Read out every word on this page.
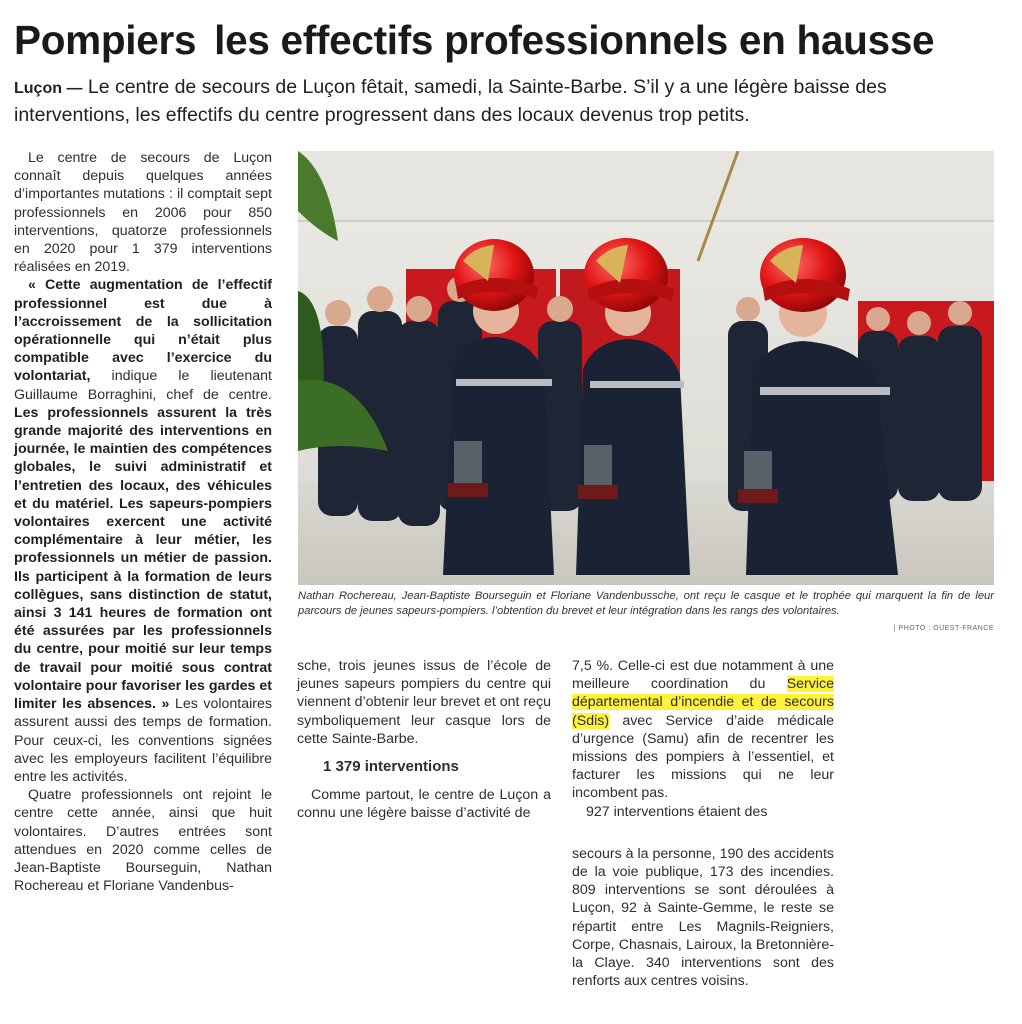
Pompiers les effectifs professionnels en hausse

Luçon — Le centre de secours de Luçon fêtait, samedi, la Sainte-Barbe. S’il y a une légère baisse des interventions, les effectifs du centre progressent dans des locaux devenus trop petits.

Le centre de secours de Luçon connaît depuis quelques années d’importantes mutations : il comptait sept professionnels en 2006 pour 850 interventions, quatorze professionnels en 2020 pour 1 379 interventions réalisées en 2019.

« Cette augmentation de l’effectif professionnel est due à l’accroissement de la sollicitation opérationnelle qui n’était plus compatible avec l’exercice du volontariat, indique le lieutenant Guillaume Borraghini, chef de centre. Les professionnels assurent la très grande majorité des interventions en journée, le maintien des compétences globales, le suivi administratif et l’entretien des locaux, des véhicules et du matériel. Les sapeurs-pompiers volontaires exercent une activité complémentaire à leur métier, les professionnels un métier de passion. Ils participent à la formation de leurs collègues, sans distinction de statut, ainsi 3 141 heures de formation ont été assurées par les professionnels du centre, pour moitié sur leur temps de travail pour moitié sous contrat volontaire pour favoriser les gardes et limiter les absences. » Les volontaires assurent aussi des temps de formation. Pour ceux-ci, les conventions signées avec les employeurs facilitent l’équilibre entre les activités.

Quatre professionnels ont rejoint le centre cette année, ainsi que huit volontaires. D’autres entrées sont attendues en 2020 comme celles de Jean-Baptiste Bourseguin, Nathan Rochereau et Floriane Vandenbus-

Nathan Rochereau, Jean-Baptiste Bourseguin et Floriane Vandenbussche, ont reçu le casque et le trophée qui marquent la fin de leur parcours de jeunes sapeurs-pompiers. l’obtention du brevet et leur intégration dans les rangs des volontaires.

| PHOTO : OUEST-FRANCE

sche, trois jeunes issus de l’école de jeunes sapeurs pompiers du centre qui viennent d’obtenir leur brevet et ont reçu symboliquement leur casque lors de cette Sainte-Barbe.

1 379 interventions

Comme partout, le centre de Luçon a connu une légère baisse d’activité de

7,5 %. Celle-ci est due notamment à une meilleure coordination du Service départemental d’incendie et de secours (Sdis) avec Service d’aide médicale d’urgence (Samu) afin de recentrer les missions des pompiers à l’essentiel, et facturer les missions qui ne leur incombent pas.

927 interventions étaient des

secours à la personne, 190 des accidents de la voie publique, 173 des incendies. 809 interventions se sont déroulées à Luçon, 92 à Sainte-Gemme, le reste se répartit entre Les Magnils-Reigniers, Corpe, Chasnais, Lairoux, la Bretonnière-la Claye. 340 interventions sont des renforts aux centres voisins.
